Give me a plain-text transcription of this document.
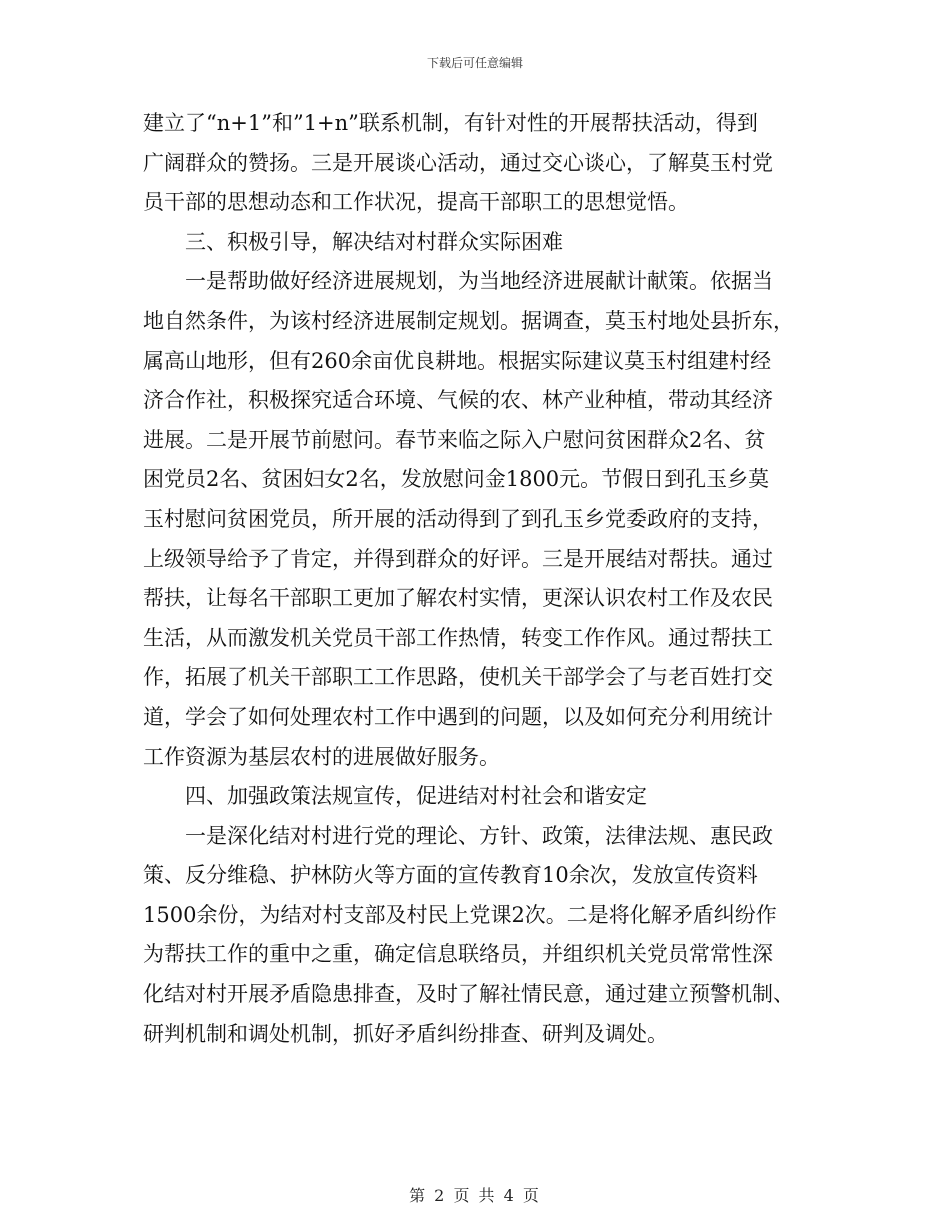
下载后可任意编辑
建立了“n+1”和”1+n”联系机制，有针对性的开展帮扶活动，得到
广阔群众的赞扬。三是开展谈心活动，通过交心谈心，了解莫玉村党
员干部的思想动态和工作状况，提高干部职工的思想觉悟。
三、积极引导，解决结对村群众实际困难
一是帮助做好经济进展规划，为当地经济进展献计献策。依据当
地自然条件，为该村经济进展制定规划。据调查，莫玉村地处县折东，
属高山地形，但有260余亩优良耕地。根据实际建议莫玉村组建村经
济合作社，积极探究适合环境、气候的农、林产业种植，带动其经济
进展。二是开展节前慰问。春节来临之际入户慰问贫困群众2名、贫
困党员2名、贫困妇女2名，发放慰问金1800元。节假日到孔玉乡莫
玉村慰问贫困党员，所开展的活动得到了到孔玉乡党委政府的支持，
上级领导给予了肯定，并得到群众的好评。三是开展结对帮扶。通过
帮扶，让每名干部职工更加了解农村实情，更深认识农村工作及农民
生活，从而激发机关党员干部工作热情，转变工作作风。通过帮扶工
作，拓展了机关干部职工工作思路，使机关干部学会了与老百姓打交
道，学会了如何处理农村工作中遇到的问题，以及如何充分利用统计
工作资源为基层农村的进展做好服务。
四、加强政策法规宣传，促进结对村社会和谐安定
一是深化结对村进行党的理论、方针、政策，法律法规、惠民政
策、反分维稳、护林防火等方面的宣传教育10余次，发放宣传资料
1500余份，为结对村支部及村民上党课2次。二是将化解矛盾纠纷作
为帮扶工作的重中之重，确定信息联络员，并组织机关党员常常性深
化结对村开展矛盾隐患排查，及时了解社情民意，通过建立预警机制、
研判机制和调处机制，抓好矛盾纠纷排查、研判及调处。
第 2 页 共 4 页
